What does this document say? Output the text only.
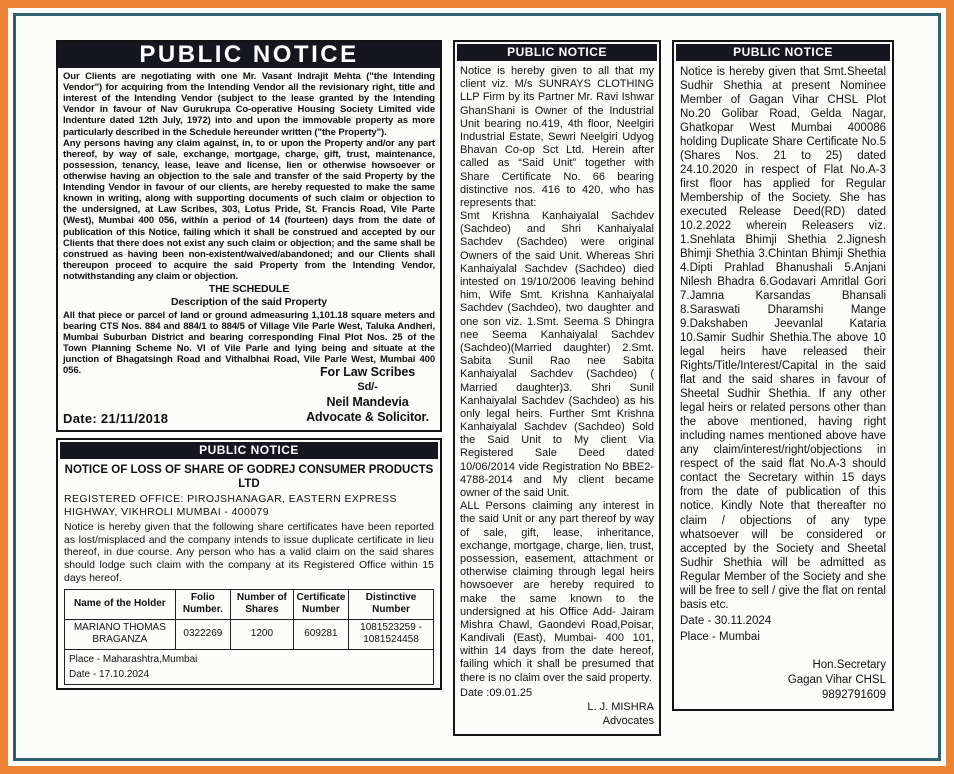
PUBLIC NOTICE

Our Clients are negotiating with one Mr. Vasant Indrajit Mehta ("the Intending Vendor") for acquiring from the Intending Vendor all the revisionary right, title and interest of the Intending Vendor (subject to the lease granted by the Intending Vendor in favour of Nav Gurukrupa Co-operative Housing Society Limited vide Indenture dated 12th July, 1972) into and upon the immovable property as more particularly described in the Schedule hereunder written ("the Property").

Any persons having any claim against, in, to or upon the Property and/or any part thereof, by way of sale, exchange, mortgage, charge, gift, trust, maintenance, possession, tenancy, lease, leave and license, lien or otherwise howsoever or otherwise having an objection to the sale and transfer of the said Property by the Intending Vendor in favour of our clients, are hereby requested to make the same known in writing, along with supporting documents of such claim or objection to the undersigned, at Law Scribes, 303, Lotus Pride, St. Francis Road, Vile Parte (West), Mumbai 400 056, within a period of 14 (fourteen) days from the date of publication of this Notice, failing which it shall be construed and accepted by our Clients that there does not exist any such claim or objection; and the same shall be construed as having been non-existent/waived/abandoned; and our Clients shall thereupon proceed to acquire the said Property from the Intending Vendor, notwithstanding any claim or objection.

THE SCHEDULE
Description of the said Property

All that piece or parcel of land or ground admeasuring 1,101.18 square meters and bearing CTS Nos. 884 and 884/1 to 884/5 of Village Vile Parle West, Taluka Andheri, Mumbai Suburban District and bearing corresponding Final Plot Nos. 25 of the Town Planning Scheme No. VI of Vile Parle and lying being and situate at the junction of Bhagatsingh Road and Vithalbhai Road, Vile Parle West, Mumbai 400 056.

Date: 21/11/2018
For Law Scribes
Sd/-
Neil Mandevia
Advocate & Solicitor.
PUBLIC NOTICE
NOTICE OF LOSS OF SHARE OF GODREJ CONSUMER PRODUCTS LTD
REGISTERED OFFICE: PIROJSHANAGAR, EASTERN EXPRESS HIGHWAY, VIKHROLI MUMBAI - 400079
Notice is hereby given that the following share certificates have been reported as lost/misplaced and the company intends to issue duplicate certificate in lieu thereof, in due course. Any person who has a valid claim on the said shares should lodge such claim with the company at its Registered Office within 15 days hereof.
Name of the Holder	Folio Number.	Number of Shares	Certificate Number	Distinctive Number
MARIANO THOMAS BRAGANZA	0322269	1200	609281	1081523259 - 1081524458

Place - Maharashtra,Mumbai
Date - 17.10.2024				
PUBLIC NOTICE

Notice is hereby given to all that my client viz. M/s SUNRAYS CLOTHING LLP Firm by its Partner Mr. Ravi Ishwar GhanShani is Owner of the Industrial Unit bearing no.419, 4th floor, Neelgiri Industrial Estate, Sewri Neelgiri Udyog Bhavan Co-op Sct Ltd. Herein after called as “Said Unit” together with Share Certificate No. 66 bearing distinctive nos. 416 to 420, who has represents that:

Smt Krishna Kanhaiyalal Sachdev (Sachdeo) and Shri Kanhaiyalal Sachdev (Sachdeo) were original Owners of the said Unit. Whereas Shri Kanhaiyalal Sachdev (Sachdeo) died intested on 19/10/2006 leaving behind him, Wife Smt. Krishna Kanhaiyalal Sachdev (Sachdeo), two daughter and one son viz. 1.Smt. Seema S Dhingra nee Seema Kanhaiyalal Sachdev (Sachdeo)(Married daughter) 2.Smt. Sabita Sunil Rao nee Sabita Kanhaiyalal Sachdev (Sachdeo) ( Married daughter)3. Shri Sunil Kanhaiyalal Sachdev (Sachdeo) as his only legal heirs. Further Smt Krishna Kanhaiyalal Sachdev (Sachdeo) Sold the Said Unit to My client Via Registered Sale Deed dated 10/06/2014 vide Registration No BBE2-4788-2014 and My client became owner of the said Unit.

ALL Persons claiming any interest in the said Unit or any part thereof by way of sale, gift, lease, inheritance, exchange, mortgage, charge, lien, trust, possession, easement, attachment or otherwise claiming through legal heirs howsoever are hereby required to make the same known to the undersigned at his Office Add- Jairam Mishra Chawl, Gaondevi Road,Poisar, Kandivali (East), Mumbai- 400 101, within 14 days from the date hereof, failing which it shall be presumed that there is no claim over the said property.

Date :09.01.25
L. J. MISHRA
Advocates
PUBLIC NOTICE

Notice is hereby given that Smt.Sheetal Sudhir Shethia at present Nominee Member of Gagan Vihar CHSL Plot No.20 Golibar Road, Gelda Nagar, Ghatkopar West Mumbai 400086 holding Duplicate Share Certificate No.5 (Shares Nos. 21 to 25) dated 24.10.2020 in respect of Flat No.A-3 first floor has applied for Regular Membership of the Society. She has executed Release Deed(RD) dated 10.2.2022 wherein Releasers viz. 1.Snehlata Bhimji Shethia 2.Jignesh Bhimji Shethia 3.Chintan Bhimji Shethia 4.Dipti Prahlad Bhanushali 5.Anjani Nilesh Bhadra 6.Godavari Amritlal Gori 7.Jamna Karsandas Bhansali 8.Saraswati Dharamshi Mange 9.Dakshaben Jeevanlal Kataria 10.Samir Sudhir Shethia.The above 10 legal heirs have released their Rights/Title/Interest/Capital in the said flat and the said shares in favour of Sheetal Sudhir Shethia. If any other legal heirs or related persons other than the above mentioned, having right including names mentioned above have any claim/interest/right/objections in respect of the said flat No.A-3 should contact the Secretary within 15 days from the date of publication of this notice. Kindly Note that thereafter no claim / objections of any type whatsoever will be considered or accepted by the Society and Sheetal Sudhir Shethia will be admitted as Regular Member of the Society and she will be free to sell / give the flat on rental basis etc.

Date - 30.11.2024
Place - Mumbai
Hon.Secretary
Gagan Vihar CHSL
9892791609
